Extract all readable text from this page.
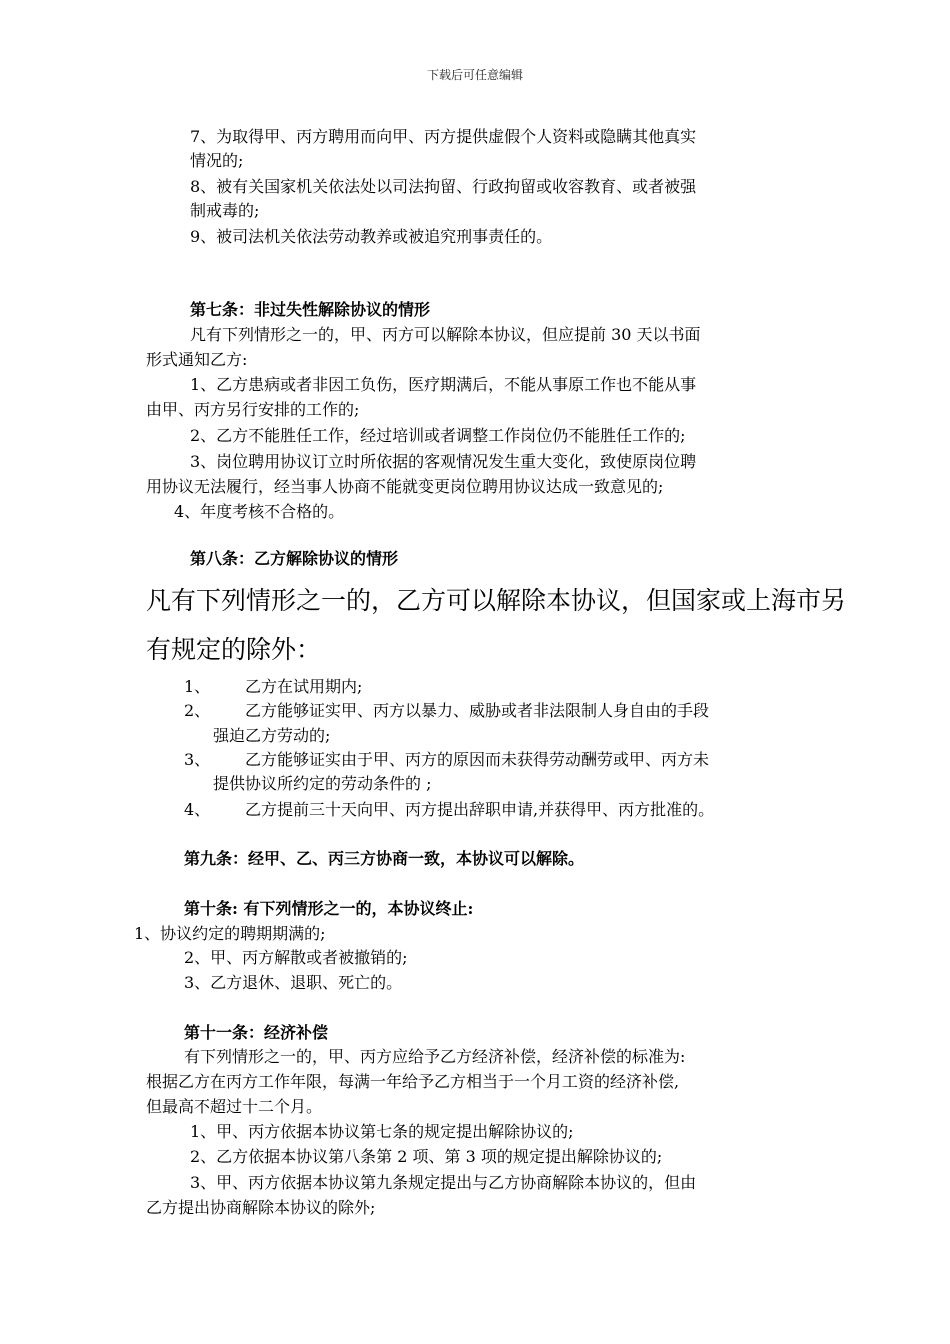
下载后可任意编辑
7、为取得甲、丙方聘用而向甲、丙方提供虚假个人资料或隐瞒其他真实
情况的;
8、被有关国家机关依法处以司法拘留、行政拘留或收容教育、或者被强
制戒毒的;
9、被司法机关依法劳动教养或被追究刑事责任的。
第七条：非过失性解除协议的情形
凡有下列情形之一的，甲、丙方可以解除本协议，但应提前 30 天以书面
形式通知乙方:
1、乙方患病或者非因工负伤，医疗期满后，不能从事原工作也不能从事
由甲、丙方另行安排的工作的;
2、乙方不能胜任工作，经过培训或者调整工作岗位仍不能胜任工作的;
3、岗位聘用协议订立时所依据的客观情况发生重大变化，致使原岗位聘
用协议无法履行，经当事人协商不能就变更岗位聘用协议达成一致意见的;
4、年度考核不合格的。
第八条：乙方解除协议的情形
凡有下列情形之一的，乙方可以解除本协议，但国家或上海市另
有规定的除外：
1、 乙方在试用期内;
2、 乙方能够证实甲、丙方以暴力、威胁或者非法限制人身自由的手段
强迫乙方劳动的;
3、 乙方能够证实由于甲、丙方的原因而未获得劳动酬劳或甲、丙方未
提供协议所约定的劳动条件的 ;
4、 乙方提前三十天向甲、丙方提出辞职申请,并获得甲、丙方批准的。
第九条：经甲、乙、丙三方协商一致，本协议可以解除。
第十条: 有下列情形之一的，本协议终止:
1、协议约定的聘期期满的;
2、甲、丙方解散或者被撤销的;
3、乙方退休、退职、死亡的。
第十一条：经济补偿
有下列情形之一的，甲、丙方应给予乙方经济补偿，经济补偿的标准为:
根据乙方在丙方工作年限，每满一年给予乙方相当于一个月工资的经济补偿,
但最高不超过十二个月。
1、甲、丙方依据本协议第七条的规定提出解除协议的;
2、乙方依据本协议第八条第 2 项、第 3 项的规定提出解除协议的;
3、甲、丙方依据本协议第九条规定提出与乙方协商解除本协议的，但由
乙方提出协商解除本协议的除外;
